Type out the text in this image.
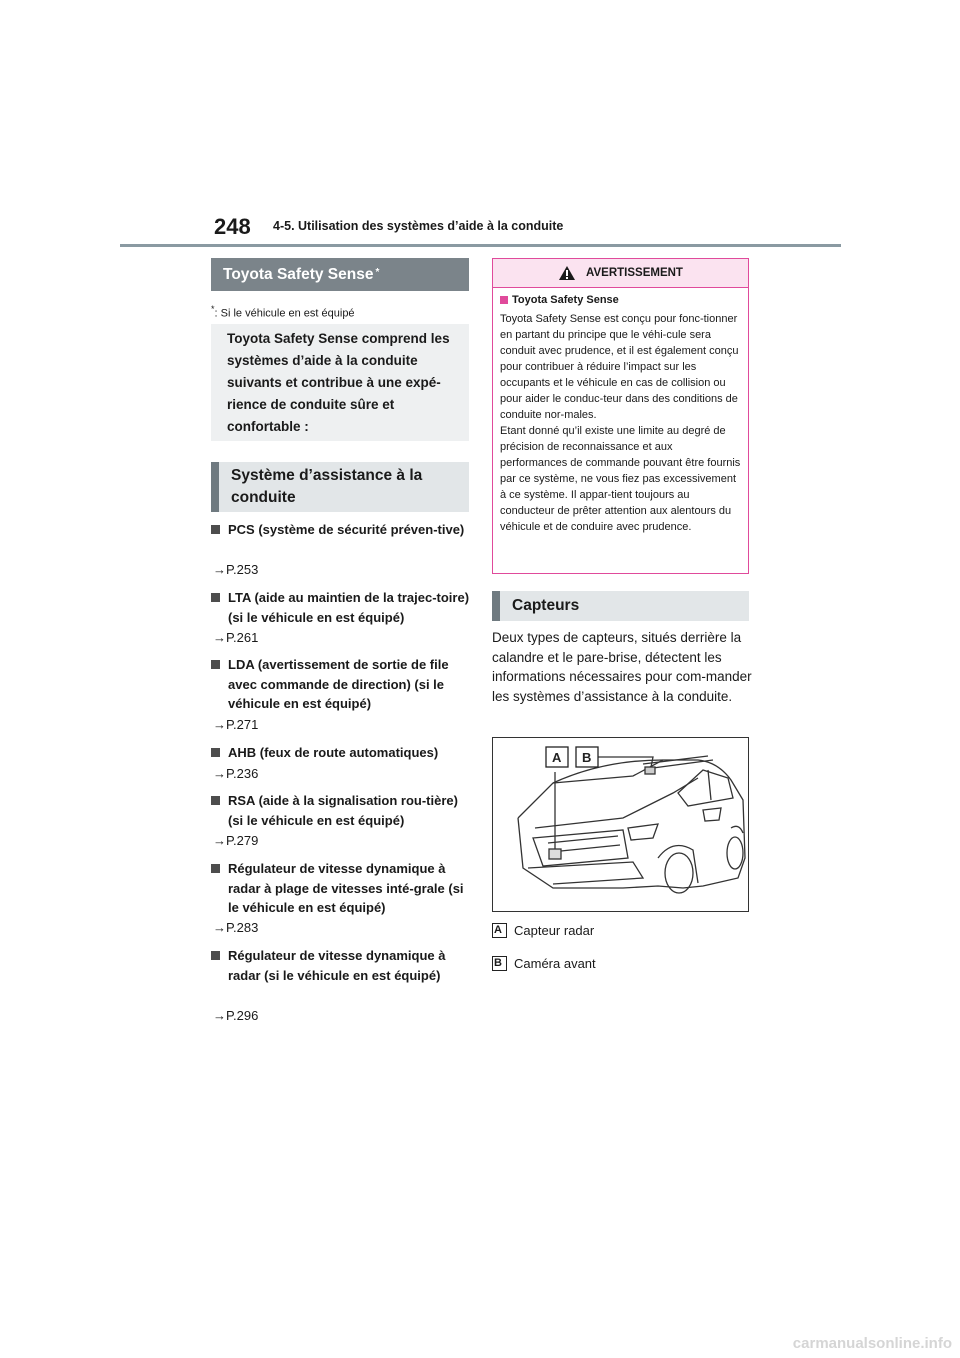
248 4-5. Utilisation des systèmes d’aide à la conduite
Toyota Safety Sense*
*: Si le véhicule en est équipé
Toyota Safety Sense comprend les systèmes d’aide à la conduite suivants et contribue à une expé-rience de conduite sûre et confortable :
Système d’assistance à la conduite
PCS (système de sécurité préven-tive)
→P.253
LTA (aide au maintien de la trajec-toire) (si le véhicule en est équipé)
→P.261
LDA (avertissement de sortie de file avec commande de direction) (si le véhicule en est équipé)
→P.271
AHB (feux de route automatiques)
→P.236
RSA (aide à la signalisation rou-tière) (si le véhicule en est équipé)
→P.279
Régulateur de vitesse dynamique à radar à plage de vitesses inté-grale (si le véhicule en est équipé)
→P.283
Régulateur de vitesse dynamique à radar (si le véhicule en est équipé)
→P.296
AVERTISSEMENT
Toyota Safety Sense
Toyota Safety Sense est conçu pour fonc-tionner en partant du principe que le véhi-cule sera conduit avec prudence, et il est également conçu pour contribuer à réduire l’impact sur les occupants et le véhicule en cas de collision ou pour aider le conduc-teur dans des conditions de conduite nor-males.
Etant donné qu’il existe une limite au degré de précision de reconnaissance et aux performances de commande pouvant être fournis par ce système, ne vous fiez pas excessivement à ce système. Il appar-tient toujours au conducteur de prêter attention aux alentours du véhicule et de conduire avec prudence.
Capteurs
Deux types de capteurs, situés derrière la calandre et le pare-brise, détectent les informations nécessaires pour com-mander les systèmes d’assistance à la conduite.
A B
A Capteur radar
B Caméra avant
carmanualsonline.info
